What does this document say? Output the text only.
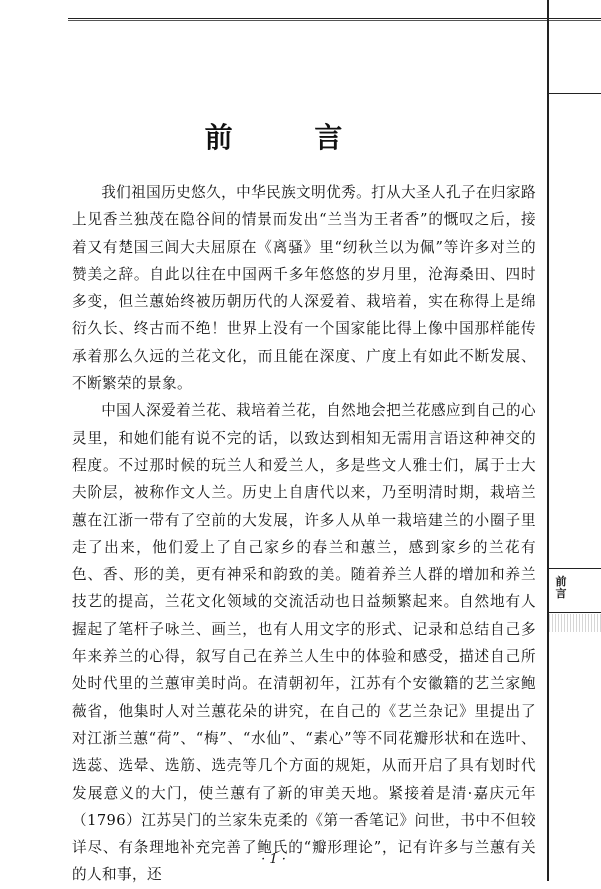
前言
前 言

我们祖国历史悠久，中华民族文明优秀。打从大圣人孔子在归家路上见香兰独茂在隐谷间的情景而发出“兰当为王者香”的慨叹之后，接着又有楚国三闾大夫屈原在《离骚》里“纫秋兰以为佩”等许多对兰的赞美之辞。自此以往在中国两千多年悠悠的岁月里，沧海桑田、四时多变，但兰蕙始终被历朝历代的人深爱着、栽培着，实在称得上是绵衍久长、终古而不绝！世界上没有一个国家能比得上像中国那样能传承着那么久远的兰花文化，而且能在深度、广度上有如此不断发展、不断繁荣的景象。

中国人深爱着兰花、栽培着兰花，自然地会把兰花感应到自己的心灵里，和她们能有说不完的话，以致达到相知无需用言语这种神交的程度。不过那时候的玩兰人和爱兰人，多是些文人雅士们，属于士大夫阶层，被称作文人兰。历史上自唐代以来，乃至明清时期，栽培兰蕙在江浙一带有了空前的大发展，许多人从单一栽培建兰的小圈子里走了出来，他们爱上了自己家乡的春兰和蕙兰，感到家乡的兰花有色、香、形的美，更有神采和韵致的美。随着养兰人群的增加和养兰技艺的提高，兰花文化领域的交流活动也日益频繁起来。自然地有人握起了笔杆子咏兰、画兰，也有人用文字的形式、记录和总结自己多年来养兰的心得，叙写自己在养兰人生中的体验和感受，描述自己所处时代里的兰蕙审美时尚。在清朝初年，江苏有个安徽籍的艺兰家鲍薇省，他集时人对兰蕙花朵的讲究，在自己的《艺兰杂记》里提出了对江浙兰蕙“荷”、“梅”、“水仙”、“素心”等不同花瓣形状和在选叶、选蕊、选晕、选筋、选壳等几个方面的规矩，从而开启了具有划时代发展意义的大门，使兰蕙有了新的审美天地。紧接着是清·嘉庆元年（1796）江苏吴门的兰家朱克柔的《第一香笔记》问世，书中不但较详尽、有条理地补充完善了鲍氏的“瓣形理论”，记有许多与兰蕙有关的人和事，还

· 1 ·
